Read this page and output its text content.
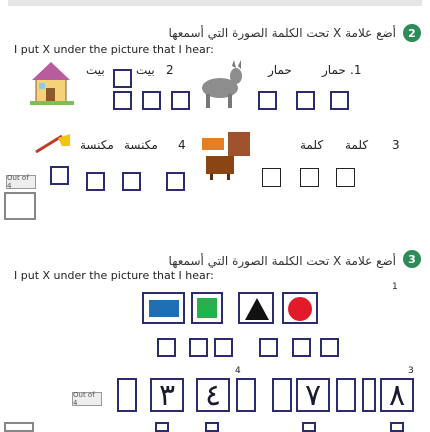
2
أضع علامة X تحت الكلمة الصورة التي أسمعها
I put X under the picture that I hear:
1.
حمار	حمار
2
بيت	بيت
3
كلمة كلمة
4
مكنسة مكنسة
Out of 4
3
أضع علامة X تحت الكلمة الصورة التي أسمعها
I put X under the picture that I hear:
1
4	3
٤
٣	٧ ٨
Out of 4
